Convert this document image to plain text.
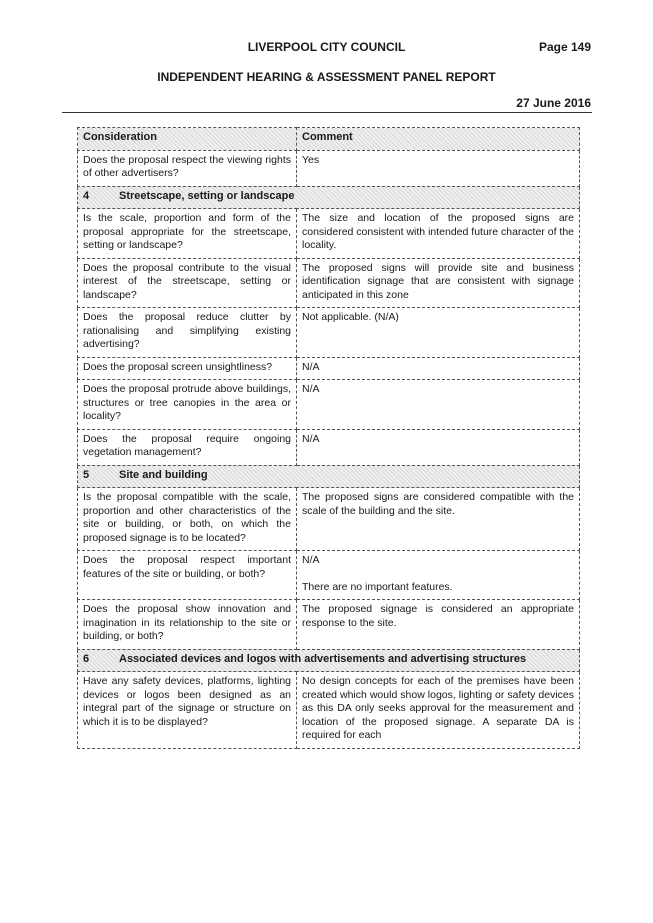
LIVERPOOL CITY COUNCIL	Page 149
INDEPENDENT HEARING & ASSESSMENT PANEL REPORT
27 June 2016
Consideration	Comment
Does the proposal respect the viewing rights of other advertisers?	Yes
4 Streetscape, setting or landscape	
Is the scale, proportion and form of the proposal appropriate for the streetscape, setting or landscape?	The size and location of the proposed signs are considered consistent with intended future character of the locality.
Does the proposal contribute to the visual interest of the streetscape, setting or landscape?	The proposed signs will provide site and business identification signage that are consistent with signage anticipated in this zone
Does the proposal reduce clutter by rationalising and simplifying existing advertising?	Not applicable. (N/A)
Does the proposal screen unsightliness?	N/A
Does the proposal protrude above buildings, structures or tree canopies in the area or locality?	N/A
Does the proposal require ongoing vegetation management?	N/A
5 Site and building	
Is the proposal compatible with the scale, proportion and other characteristics of the site or building, or both, on which the proposed signage is to be located?	The proposed signs are considered compatible with the scale of the building and the site.
Does the proposal respect important features of the site or building, or both?	N/A
There are no important features.
Does the proposal show innovation and imagination in its relationship to the site or building, or both?	The proposed signage is considered an appropriate response to the site.
6 Associated devices and logos with advertisements and advertising structures	
Have any safety devices, platforms, lighting devices or logos been designed as an integral part of the signage or structure on which it is to be displayed?	No design concepts for each of the premises have been created which would show logos, lighting or safety devices as this DA only seeks approval for the measurement and location of the proposed signage. A separate DA is required for each
